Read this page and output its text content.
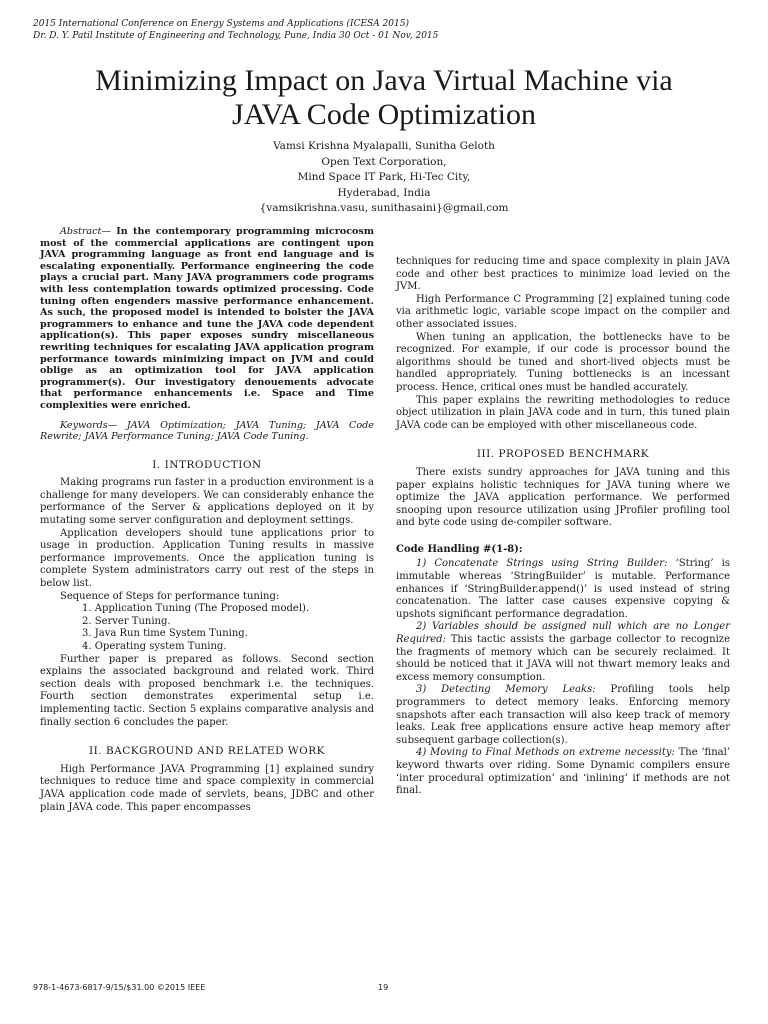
2015 International Conference on Energy Systems and Applications (ICESA 2015)
Dr. D. Y. Patil Institute of Engineering and Technology, Pune, India 30 Oct - 01 Nov, 2015
Minimizing Impact on Java Virtual Machine via
JAVA Code Optimization
Vamsi Krishna Myalapalli, Sunitha Geloth
Open Text Corporation,
Mind Space IT Park, Hi-Tec City,
Hyderabad, India
{vamsikrishna.vasu, sunithasaini}@gmail.com

Abstract— In the contemporary programming microcosm most of the commercial applications are contingent upon JAVA programming language as front end language and is escalating exponentially. Performance engineering the code plays a crucial part. Many JAVA programmers code programs with less contemplation towards optimized processing. Code tuning often engenders massive performance enhancement. As such, the proposed model is intended to bolster the JAVA programmers to enhance and tune the JAVA code dependent application(s). This paper exposes sundry miscellaneous rewriting techniques for escalating JAVA application program performance towards minimizing impact on JVM and could oblige as an optimization tool for JAVA application programmer(s). Our investigatory denouements advocate that performance enhancements i.e. Space and Time complexities were enriched.

Keywords— JAVA Optimization; JAVA Tuning; JAVA Code Rewrite; JAVA Performance Tuning; JAVA Code Tuning.

I. INTRODUCTION

Making programs run faster in a production environment is a challenge for many developers. We can considerably enhance the performance of the Server & applications deployed on it by mutating some server configuration and deployment settings.

Application developers should tune applications prior to usage in production. Application Tuning results in massive performance improvements. Once the application tuning is complete System administrators carry out rest of the steps in below list.

Sequence of Steps for performance tuning:

1. Application Tuning (The Proposed model).

2. Server Tuning.

3. Java Run time System Tuning.

4. Operating system Tuning.

Further paper is prepared as follows. Second section explains the associated background and related work. Third section deals with proposed benchmark i.e. the techniques. Fourth section demonstrates experimental setup i.e. implementing tactic. Section 5 explains comparative analysis and finally section 6 concludes the paper.

II. BACKGROUND AND RELATED WORK

High Performance JAVA Programming [1] explained sundry techniques to reduce time and space complexity in commercial JAVA application code made of servlets, beans, JDBC and other plain JAVA code. This paper encompasses

techniques for reducing time and space complexity in plain JAVA code and other best practices to minimize load levied on the JVM.

High Performance C Programming [2] explained tuning code via arithmetic logic, variable scope impact on the compiler and other associated issues.

When tuning an application, the bottlenecks have to be recognized. For example, if our code is processor bound the algorithms should be tuned and short-lived objects must be handled appropriately. Tuning bottlenecks is an incessant process. Hence, critical ones must be handled accurately.

This paper explains the rewriting methodologies to reduce object utilization in plain JAVA code and in turn, this tuned plain JAVA code can be employed with other miscellaneous code.

III. PROPOSED BENCHMARK

There exists sundry approaches for JAVA tuning and this paper explains holistic techniques for JAVA tuning where we optimize the JAVA application performance. We performed snooping upon resource utilization using JProfiler profiling tool and byte code using de-compiler software.

Code Handling #(1-8):

1) Concatenate Strings using String Builder: ‘String’ is immutable whereas ‘StringBuilder’ is mutable. Performance enhances if ‘StringBuilder.append()’ is used instead of string concatenation. The latter case causes expensive copying & upshots significant performance degradation.

2) Variables should be assigned null which are no Longer Required: This tactic assists the garbage collector to recognize the fragments of memory which can be securely reclaimed. It should be noticed that it JAVA will not thwart memory leaks and excess memory consumption.

3) Detecting Memory Leaks: Profiling tools help programmers to detect memory leaks. Enforcing memory snapshots after each transaction will also keep track of memory leaks. Leak free applications ensure active heap memory after subsequent garbage collection(s).

4) Moving to Final Methods on extreme necessity: The ‘final’ keyword thwarts over riding. Some Dynamic compilers ensure ‘inter procedural optimization’ and ‘inlining’ if methods are not final.

978-1-4673-6817-9/15/$31.00 ©2015 IEEE	19
